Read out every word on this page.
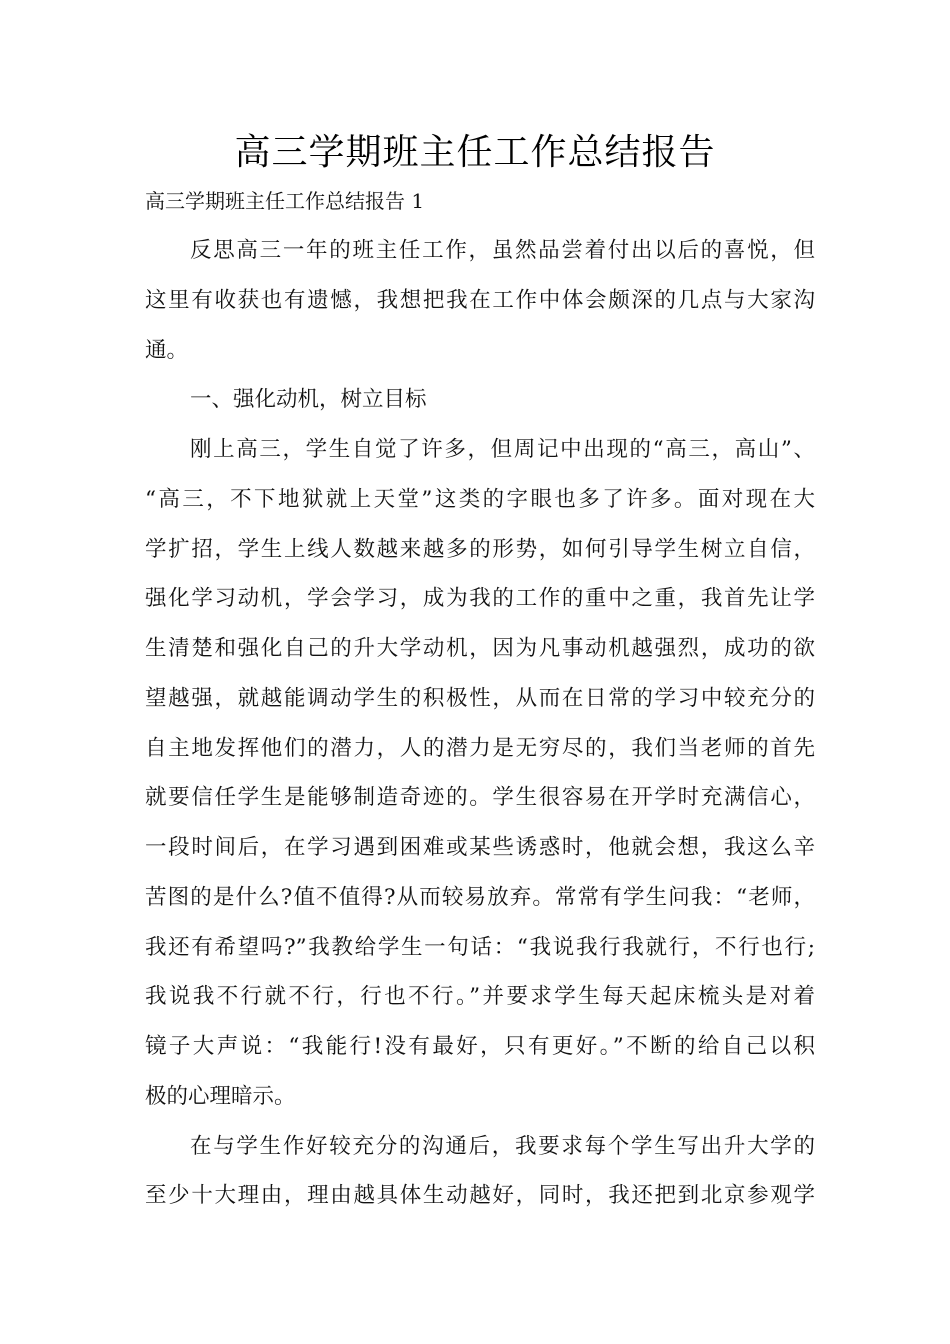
高三学期班主任工作总结报告
高三学期班主任工作总结报告 1
反思高三一年的班主任工作，虽然品尝着付出以后的喜悦，但
这里有收获也有遗憾，我想把我在工作中体会颇深的几点与大家沟
通。
一、强化动机，树立目标
刚上高三，学生自觉了许多，但周记中出现的“高三，高山”、
“高三，不下地狱就上天堂”这类的字眼也多了许多。面对现在大
学扩招，学生上线人数越来越多的形势，如何引导学生树立自信，
强化学习动机，学会学习，成为我的工作的重中之重，我首先让学
生清楚和强化自己的升大学动机，因为凡事动机越强烈，成功的欲
望越强，就越能调动学生的积极性，从而在日常的学习中较充分的
自主地发挥他们的潜力，人的潜力是无穷尽的，我们当老师的首先
就要信任学生是能够制造奇迹的。学生很容易在开学时充满信心，
一段时间后，在学习遇到困难或某些诱惑时，他就会想，我这么辛
苦图的是什么?值不值得?从而较易放弃。常常有学生问我：“老师，
我还有希望吗?”我教给学生一句话：“我说我行我就行，不行也行;
我说我不行就不行，行也不行。”并要求学生每天起床梳头是对着
镜子大声说：“我能行!没有最好，只有更好。”不断的给自己以积
极的心理暗示。
在与学生作好较充分的沟通后，我要求每个学生写出升大学的
至少十大理由，理由越具体生动越好，同时，我还把到北京参观学
